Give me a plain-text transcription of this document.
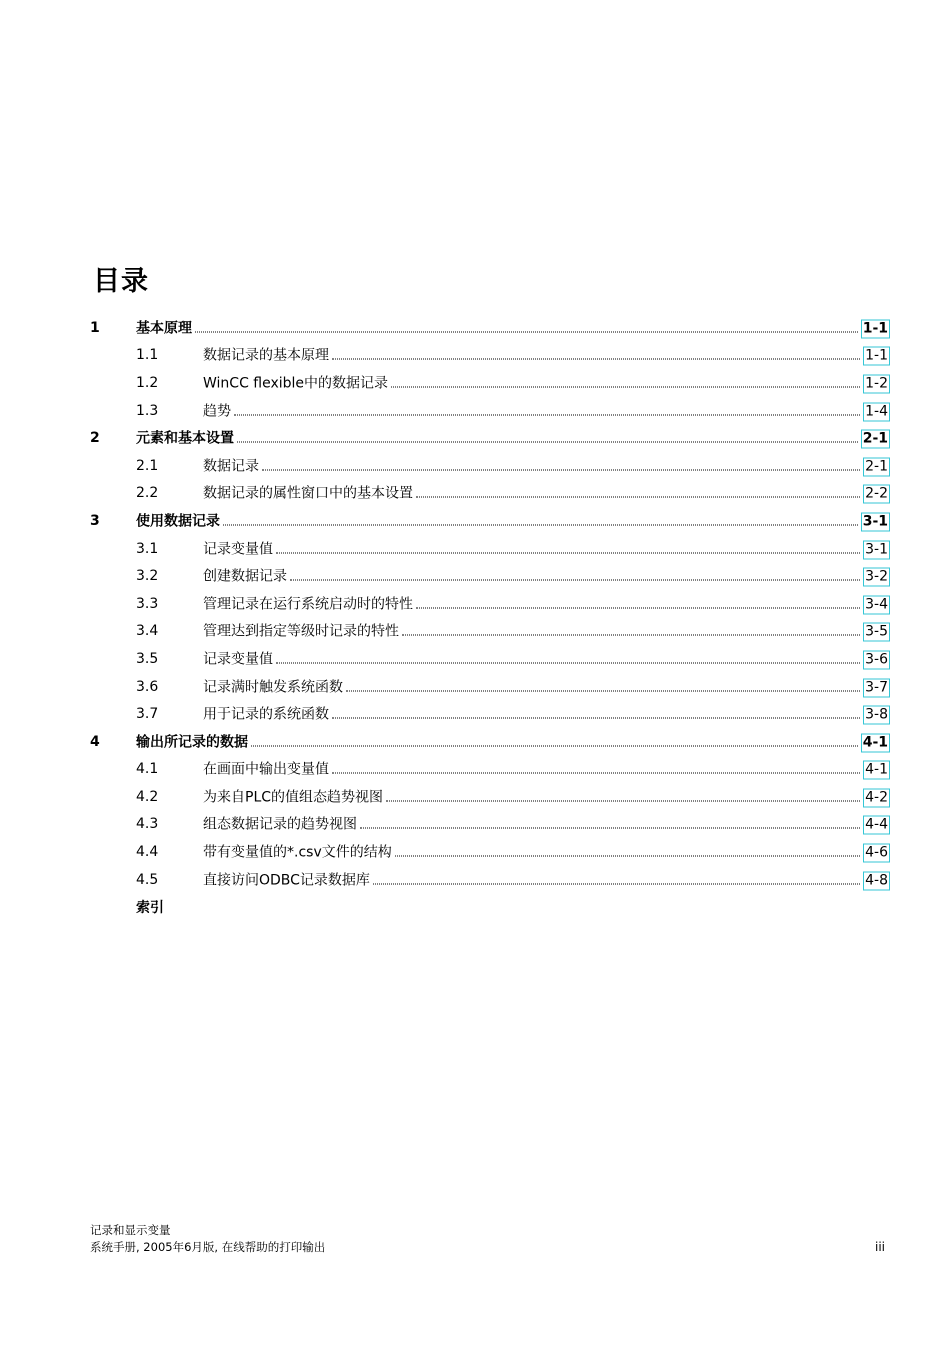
目录
1	基本原理	1-1
1.1	数据记录的基本原理	1-1
1.2	WinCC flexible中的数据记录	1-2
1.3	趋势	1-4
2	元素和基本设置	2-1
2.1	数据记录	2-1
2.2	数据记录的属性窗口中的基本设置	2-2
3	使用数据记录	3-1
3.1	记录变量值	3-1
3.2	创建数据记录	3-2
3.3	管理记录在运行系统启动时的特性	3-4
3.4	管理达到指定等级时记录的特性	3-5
3.5	记录变量值	3-6
3.6	记录满时触发系统函数	3-7
3.7	用于记录的系统函数	3-8
4	输出所记录的数据	4-1
4.1	在画面中输出变量值	4-1
4.2	为来自PLC的值组态趋势视图	4-2
4.3	组态数据记录的趋势视图	4-4
4.4	带有变量值的*.csv文件的结构	4-6
4.5	直接访问ODBC记录数据库	4-8
索引
记录和显示变量
系统手册, 2005年6月版, 在线帮助的打印输出	iii
